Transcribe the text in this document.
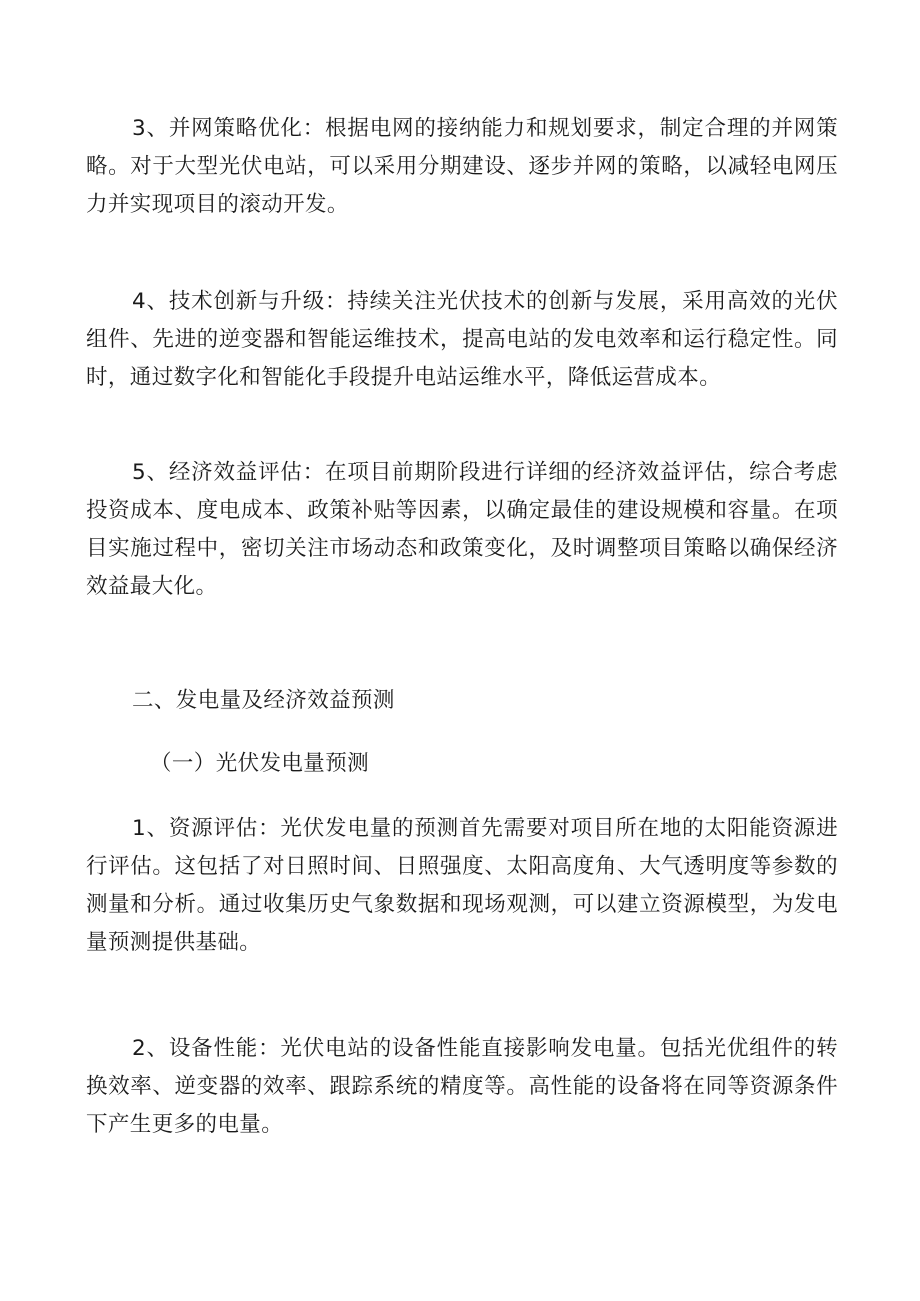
3、并网策略优化：根据电网的接纳能力和规划要求，制定合理的并网策略。对于大型光伏电站，可以采用分期建设、逐步并网的策略，以减轻电网压力并实现项目的滚动开发。
4、技术创新与升级：持续关注光伏技术的创新与发展，采用高效的光伏组件、先进的逆变器和智能运维技术，提高电站的发电效率和运行稳定性。同时，通过数字化和智能化手段提升电站运维水平，降低运营成本。
5、经济效益评估：在项目前期阶段进行详细的经济效益评估，综合考虑投资成本、度电成本、政策补贴等因素，以确定最佳的建设规模和容量。在项目实施过程中，密切关注市场动态和政策变化，及时调整项目策略以确保经济效益最大化。
二、发电量及经济效益预测
（一）光伏发电量预测
1、资源评估：光伏发电量的预测首先需要对项目所在地的太阳能资源进行评估。这包括了对日照时间、日照强度、太阳高度角、大气透明度等参数的测量和分析。通过收集历史气象数据和现场观测，可以建立资源模型，为发电量预测提供基础。
2、设备性能：光伏电站的设备性能直接影响发电量。包括光优组件的转换效率、逆变器的效率、跟踪系统的精度等。高性能的设备将在同等资源条件下产生更多的电量。
